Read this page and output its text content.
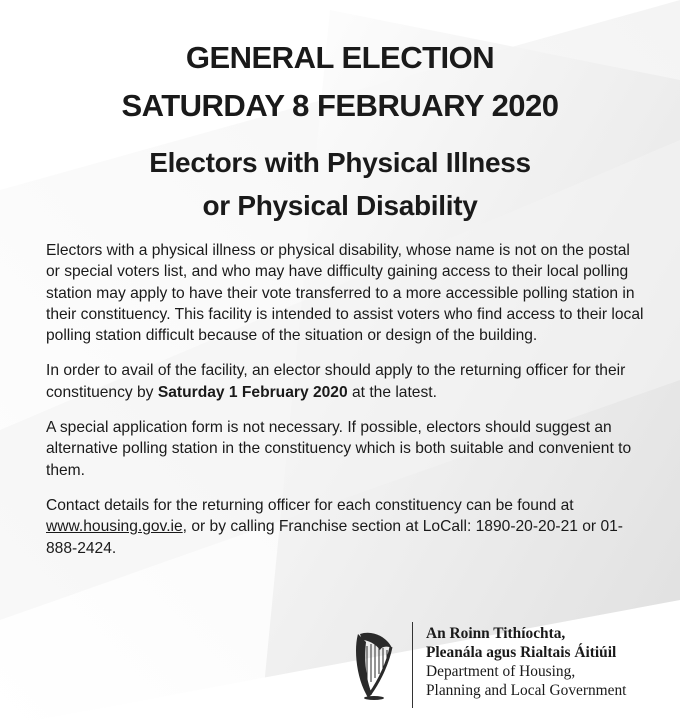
GENERAL ELECTION
SATURDAY 8 FEBRUARY 2020
Electors with Physical Illness
or Physical Disability

Electors with a physical illness or physical disability, whose name is not on the postal or special voters list, and who may have difficulty gaining access to their local polling station may apply to have their vote transferred to a more accessible polling station in their constituency. This facility is intended to assist voters who find access to their local polling station difficult because of the situation or design of the building.

In order to avail of the facility, an elector should apply to the returning officer for their constituency by Saturday 1 February 2020 at the latest.

A special application form is not necessary. If possible, electors should suggest an alternative polling station in the constituency which is both suitable and convenient to them.

Contact details for the returning officer for each constituency can be found at www.housing.gov.ie, or by calling Franchise section at LoCall: 1890-20-20-21 or 01-888-2424.

An Roinn Tithíochta,
Pleanála agus Rialtais Áitiúil
Department of Housing,
Planning and Local Government
